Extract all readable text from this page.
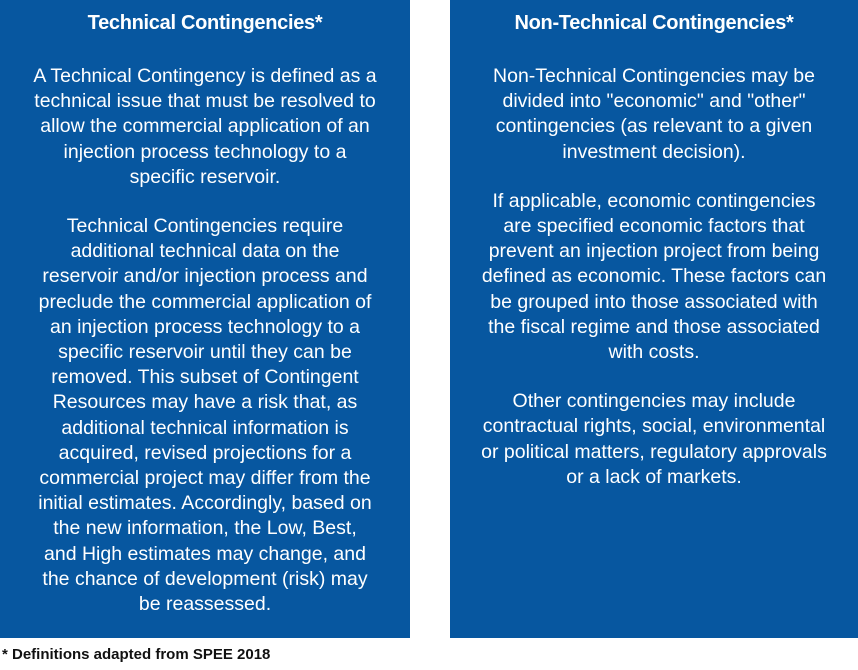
Technical Contingencies*

A Technical Contingency is defined as a
technical issue that must be resolved to
allow the commercial application of an
injection process technology to a
specific reservoir.

Technical Contingencies require
additional technical data on the
reservoir and/or injection process and
preclude the commercial application of
an injection process technology to a
specific reservoir until they can be
removed. This subset of Contingent
Resources may have a risk that, as
additional technical information is
acquired, revised projections for a
commercial project may differ from the
initial estimates. Accordingly, based on
the new information, the Low, Best,
and High estimates may change, and
the chance of development (risk) may
be reassessed.

Non-Technical Contingencies*

Non-Technical Contingencies may be
divided into "economic" and "other"
contingencies (as relevant to a given
investment decision).

If applicable, economic contingencies
are specified economic factors that
prevent an injection project from being
defined as economic. These factors can
be grouped into those associated with
the fiscal regime and those associated
with costs.

Other contingencies may include
contractual rights, social, environmental
or political matters, regulatory approvals
or a lack of markets.

* Definitions adapted from SPEE 2018
